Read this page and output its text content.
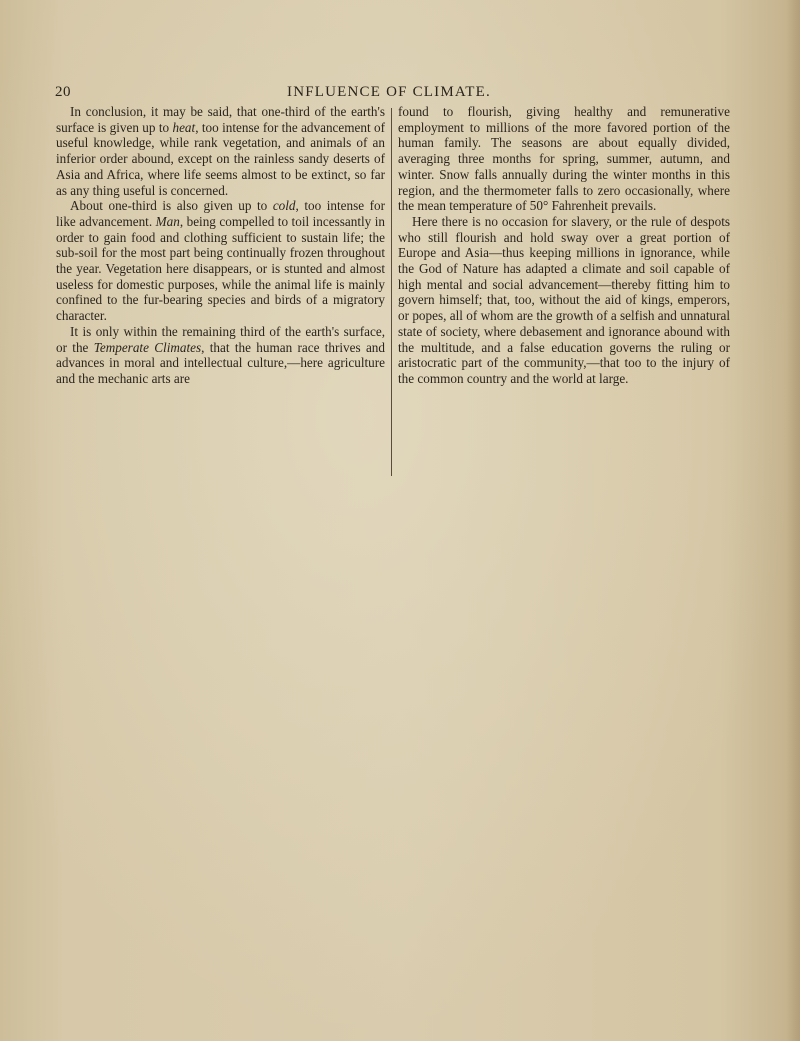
20	INFLUENCE OF CLIMATE.

In conclusion, it may be said, that one-third of the earth's surface is given up to heat, too intense for the advancement of useful knowledge, while rank vegetation, and animals of an inferior order abound, except on the rainless sandy deserts of Asia and Africa, where life seems almost to be extinct, so far as any thing useful is concerned.

About one-third is also given up to cold, too intense for like advancement. Man, being compelled to toil incessantly in order to gain food and clothing sufficient to sustain life; the sub-soil for the most part being continually frozen throughout the year. Vegetation here disappears, or is stunted and almost useless for domestic purposes, while the animal life is mainly confined to the fur-bearing species and birds of a migratory character.

It is only within the remaining third of the earth's surface, or the Temperate Climates, that the human race thrives and advances in moral and intellectual culture,—here agriculture and the mechanic arts are

found to flourish, giving healthy and remunerative employment to millions of the more favored portion of the human family. The seasons are about equally divided, averaging three months for spring, summer, autumn, and winter. Snow falls annually during the winter months in this region, and the thermometer falls to zero occasionally, where the mean temperature of 50° Fahrenheit prevails.

Here there is no occasion for slavery, or the rule of despots who still flourish and hold sway over a great portion of Europe and Asia—thus keeping millions in ignorance, while the God of Nature has adapted a climate and soil capable of high mental and social advancement—thereby fitting him to govern himself; that, too, without the aid of kings, emperors, or popes, all of whom are the growth of a selfish and unnatural state of society, where debasement and ignorance abound with the multitude, and a false education governs the ruling or aristocratic part of the community,—that too to the injury of the common country and the world at large.
